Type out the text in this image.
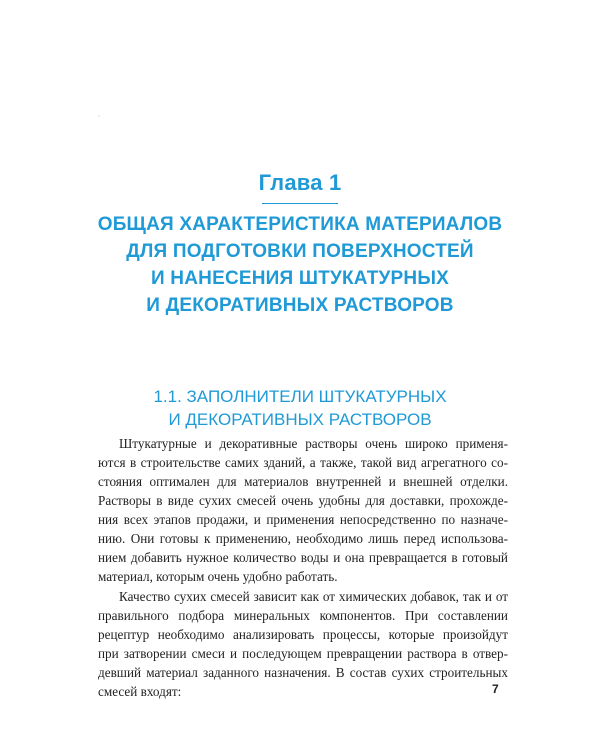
Глава 1
ОБЩАЯ ХАРАКТЕРИСТИКА МАТЕРИАЛОВ
ДЛЯ ПОДГОТОВКИ ПОВЕРХНОСТЕЙ
И НАНЕСЕНИЯ ШТУКАТУРНЫХ
И ДЕКОРАТИВНЫХ РАСТВОРОВ
1.1. ЗАПОЛНИТЕЛИ ШТУКАТУРНЫХ
И ДЕКОРАТИВНЫХ РАСТВОРОВ
Штукатурные и декоративные растворы очень широко применя-
ются в строительстве самих зданий, а также, такой вид агрегатного со-
стояния оптимален для материалов внутренней и внешней отделки.
Растворы в виде сухих смесей очень удобны для доставки, прохожде-
ния всех этапов продажи, и применения непосредственно по назначе-
нию. Они готовы к применению, необходимо лишь перед использова-
нием добавить нужное количество воды и она превращается в готовый
материал, которым очень удобно работать.
Качество сухих смесей зависит как от химических добавок, так и от
правильного подбора минеральных компонентов. При составлении
рецептур необходимо анализировать процессы, которые произойдут
при затворении смеси и последующем превращении раствора в отвер-
девший материал заданного назначения. В состав сухих строительных
смесей входят:	7
